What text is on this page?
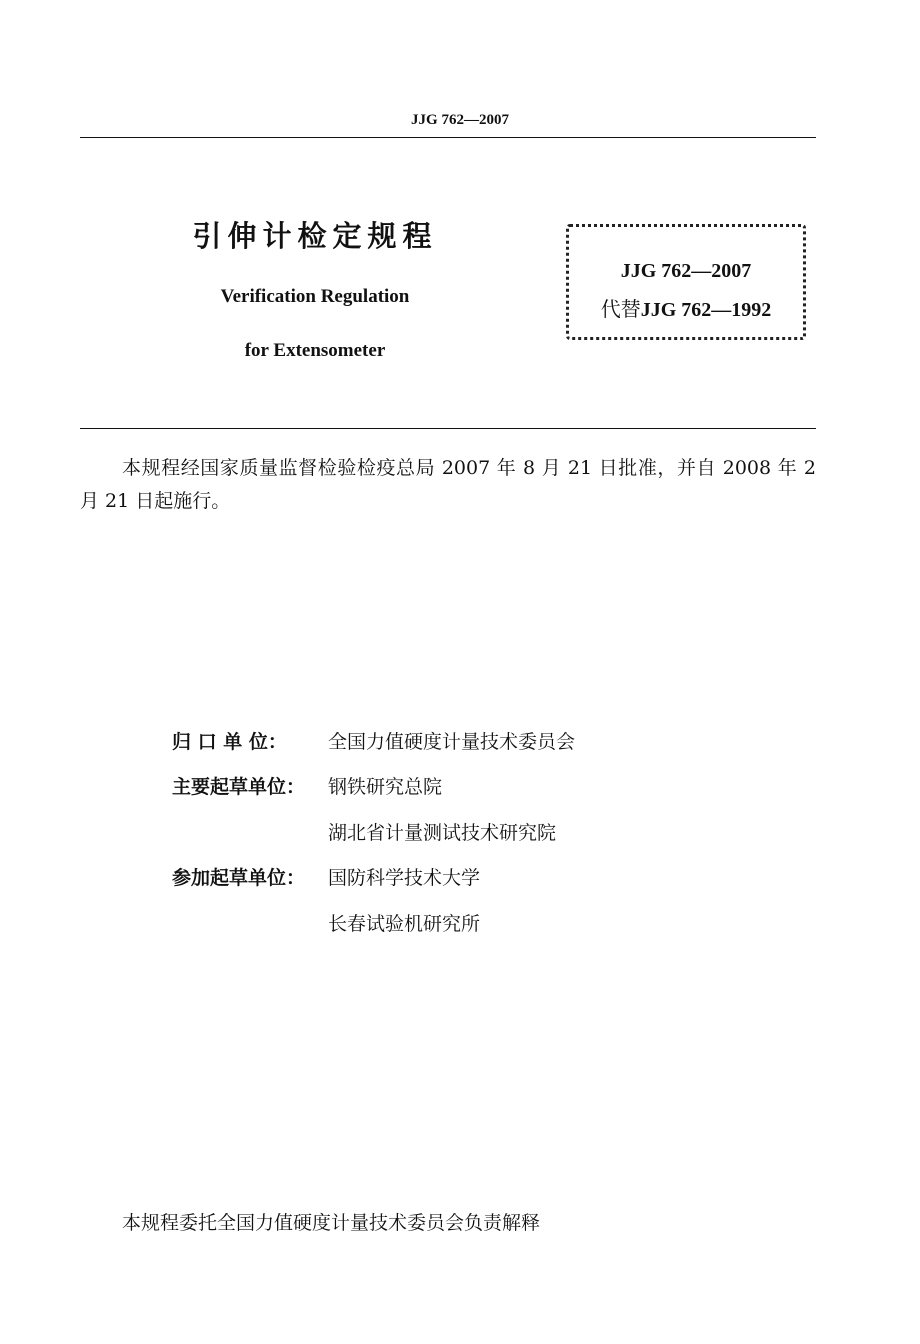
JJG 762—2007
引伸计检定规程
Verification Regulation
for Extensometer
JJG 762—2007
代替JJG 762—1992
本规程经国家质量监督检验检疫总局 2007 年 8 月 21 日批准，并自 2008 年 2 月 21 日起施行。
归 口 单 位： 全国力值硬度计量技术委员会
主要起草单位： 钢铁研究总院
湖北省计量测试技术研究院
参加起草单位： 国防科学技术大学
长春试验机研究所
本规程委托全国力值硬度计量技术委员会负责解释
